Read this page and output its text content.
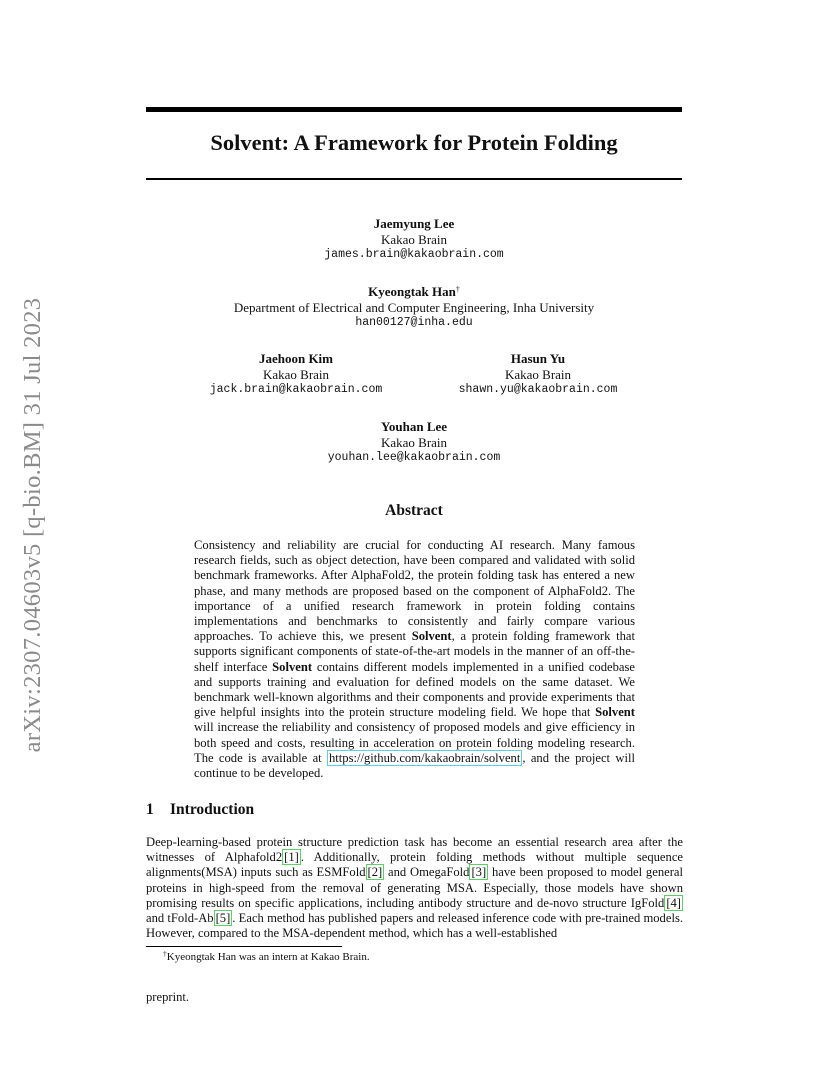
arXiv:2307.04603v5 [q-bio.BM] 31 Jul 2023
Solvent: A Framework for Protein Folding
Jaemyung Lee
Kakao Brain
james.brain@kakaobrain.com
Kyeongtak Han†
Department of Electrical and Computer Engineering, Inha University
han00127@inha.edu
Jaehoon Kim
Kakao Brain
jack.brain@kakaobrain.com
Hasun Yu
Kakao Brain
shawn.yu@kakaobrain.com
Youhan Lee
Kakao Brain
youhan.lee@kakaobrain.com
Abstract
Consistency and reliability are crucial for conducting AI research. Many famous research fields, such as object detection, have been compared and validated with solid benchmark frameworks. After AlphaFold2, the protein folding task has entered a new phase, and many methods are proposed based on the component of AlphaFold2. The importance of a unified research framework in protein folding contains implementations and benchmarks to consistently and fairly compare various approaches. To achieve this, we present Solvent, a protein folding framework that supports significant components of state-of-the-art models in the manner of an off-the-shelf interface Solvent contains different models implemented in a unified codebase and supports training and evaluation for defined models on the same dataset. We benchmark well-known algorithms and their components and provide experiments that give helpful insights into the protein structure modeling field. We hope that Solvent will increase the reliability and consistency of proposed models and give efficiency in both speed and costs, resulting in acceleration on protein folding modeling research. The code is available at https://github.com/kakaobrain/solvent , and the project will continue to be developed.
1 Introduction
Deep-learning-based protein structure prediction task has become an essential research area after the witnesses of Alphafold2 [1] . Additionally, protein folding methods without multiple sequence alignments(MSA) inputs such as ESMFold [2] and OmegaFold [3] have been proposed to model general proteins in high-speed from the removal of generating MSA. Especially, those models have shown promising results on specific applications, including antibody structure and de-novo structure IgFold [4] and tFold-Ab [5] . Each method has published papers and released inference code with pre-trained models. However, compared to the MSA-dependent method, which has a well-established
†Kyeongtak Han was an intern at Kakao Brain.
preprint.
